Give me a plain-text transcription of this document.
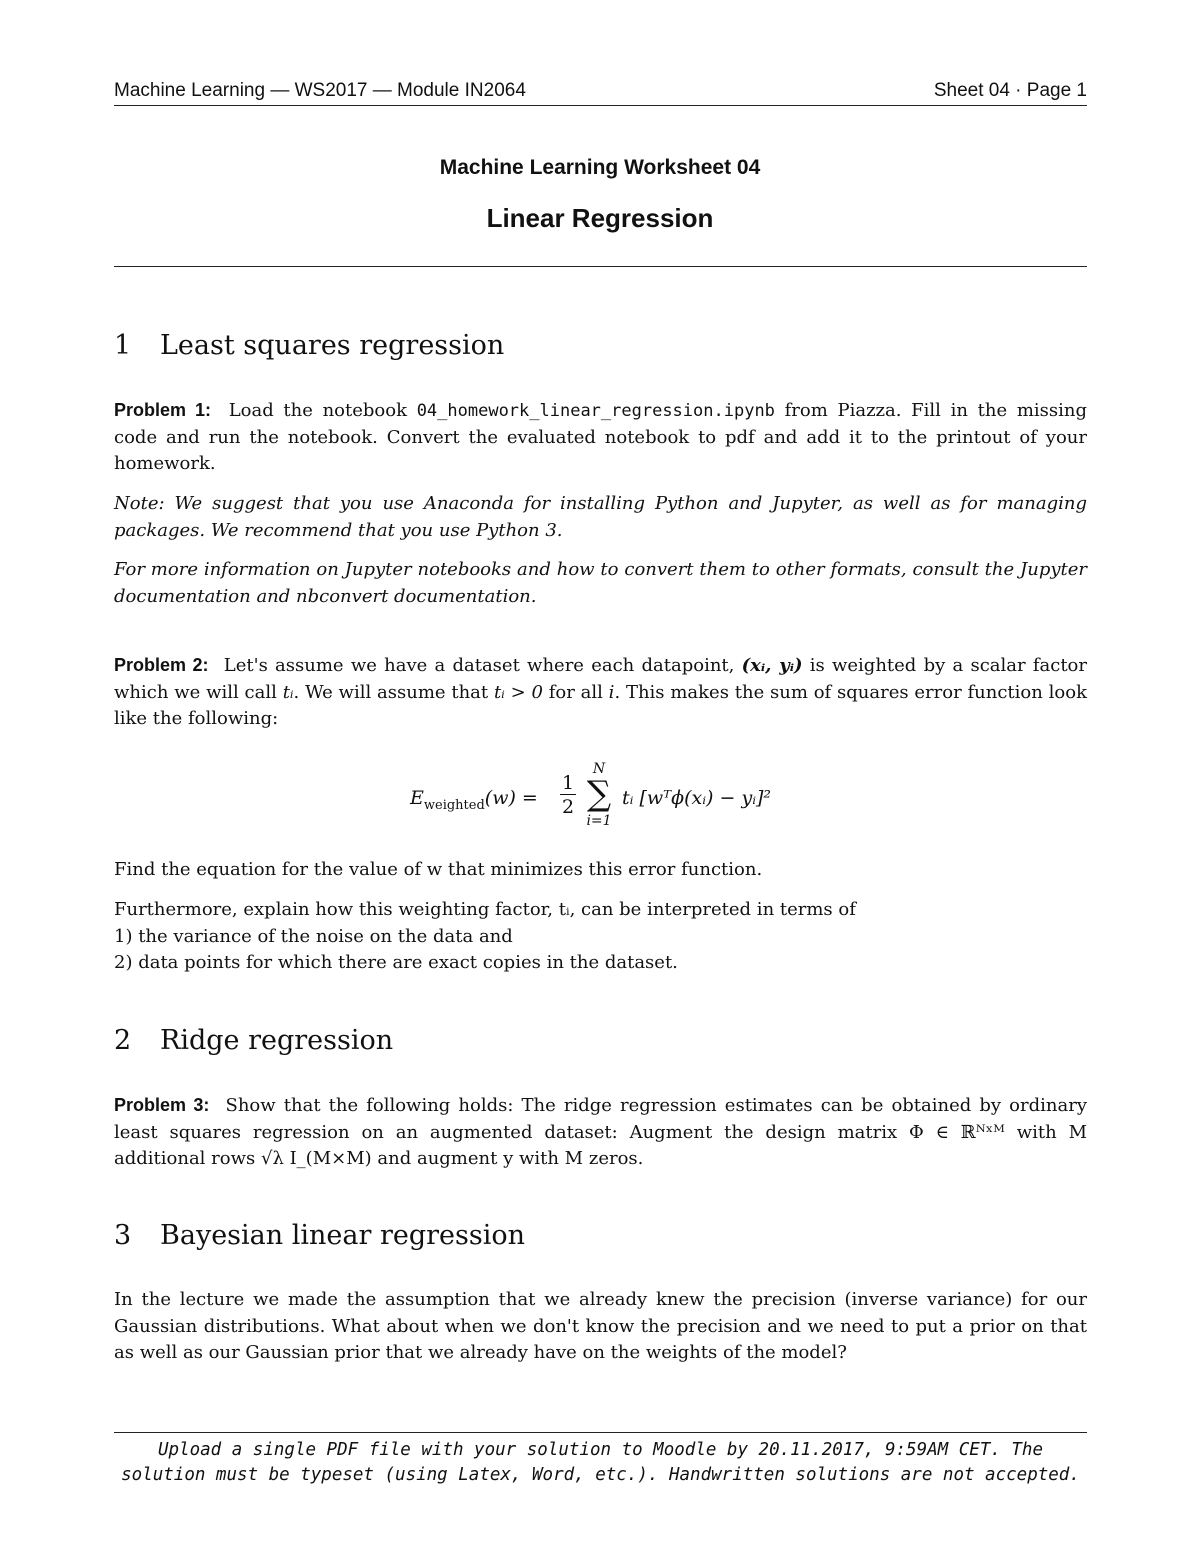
Machine Learning — WS2017 — Module IN2064	Sheet 04 · Page 1
Machine Learning Worksheet 04
Linear Regression
1 Least squares regression
Problem 1: Load the notebook 04_homework_linear_regression.ipynb from Piazza. Fill in the missing code and run the notebook. Convert the evaluated notebook to pdf and add it to the printout of your homework.
Note: We suggest that you use Anaconda for installing Python and Jupyter, as well as for managing packages. We recommend that you use Python 3.
For more information on Jupyter notebooks and how to convert them to other formats, consult the Jupyter documentation and nbconvert documentation.
Problem 2: Let's assume we have a dataset where each datapoint, (xᵢ, yᵢ) is weighted by a scalar factor which we will call tᵢ. We will assume that tᵢ > 0 for all i. This makes the sum of squares error function look like the following:
$E_{weighted}(w) = \frac{1}{2}$
N
∑
i=1
tᵢ [wᵀϕ(xᵢ) − yᵢ]²
Find the equation for the value of w that minimizes this error function.
Furthermore, explain how this weighting factor, tᵢ, can be interpreted in terms of
1) the variance of the noise on the data and
2) data points for which there are exact copies in the dataset.
2 Ridge regression
Problem 3: Show that the following holds: The ridge regression estimates can be obtained by ordinary least squares regression on an augmented dataset: Augment the design matrix Φ ∈ ℝᴺˣᴹ with M additional rows √λ I_(M×M) and augment y with M zeros.
3 Bayesian linear regression
In the lecture we made the assumption that we already knew the precision (inverse variance) for our Gaussian distributions. What about when we don't know the precision and we need to put a prior on that as well as our Gaussian prior that we already have on the weights of the model?
Upload a single PDF file with your solution to Moodle by 20.11.2017, 9:59AM CET. The solution must be typeset (using Latex, Word, etc.). Handwritten solutions are not accepted.
